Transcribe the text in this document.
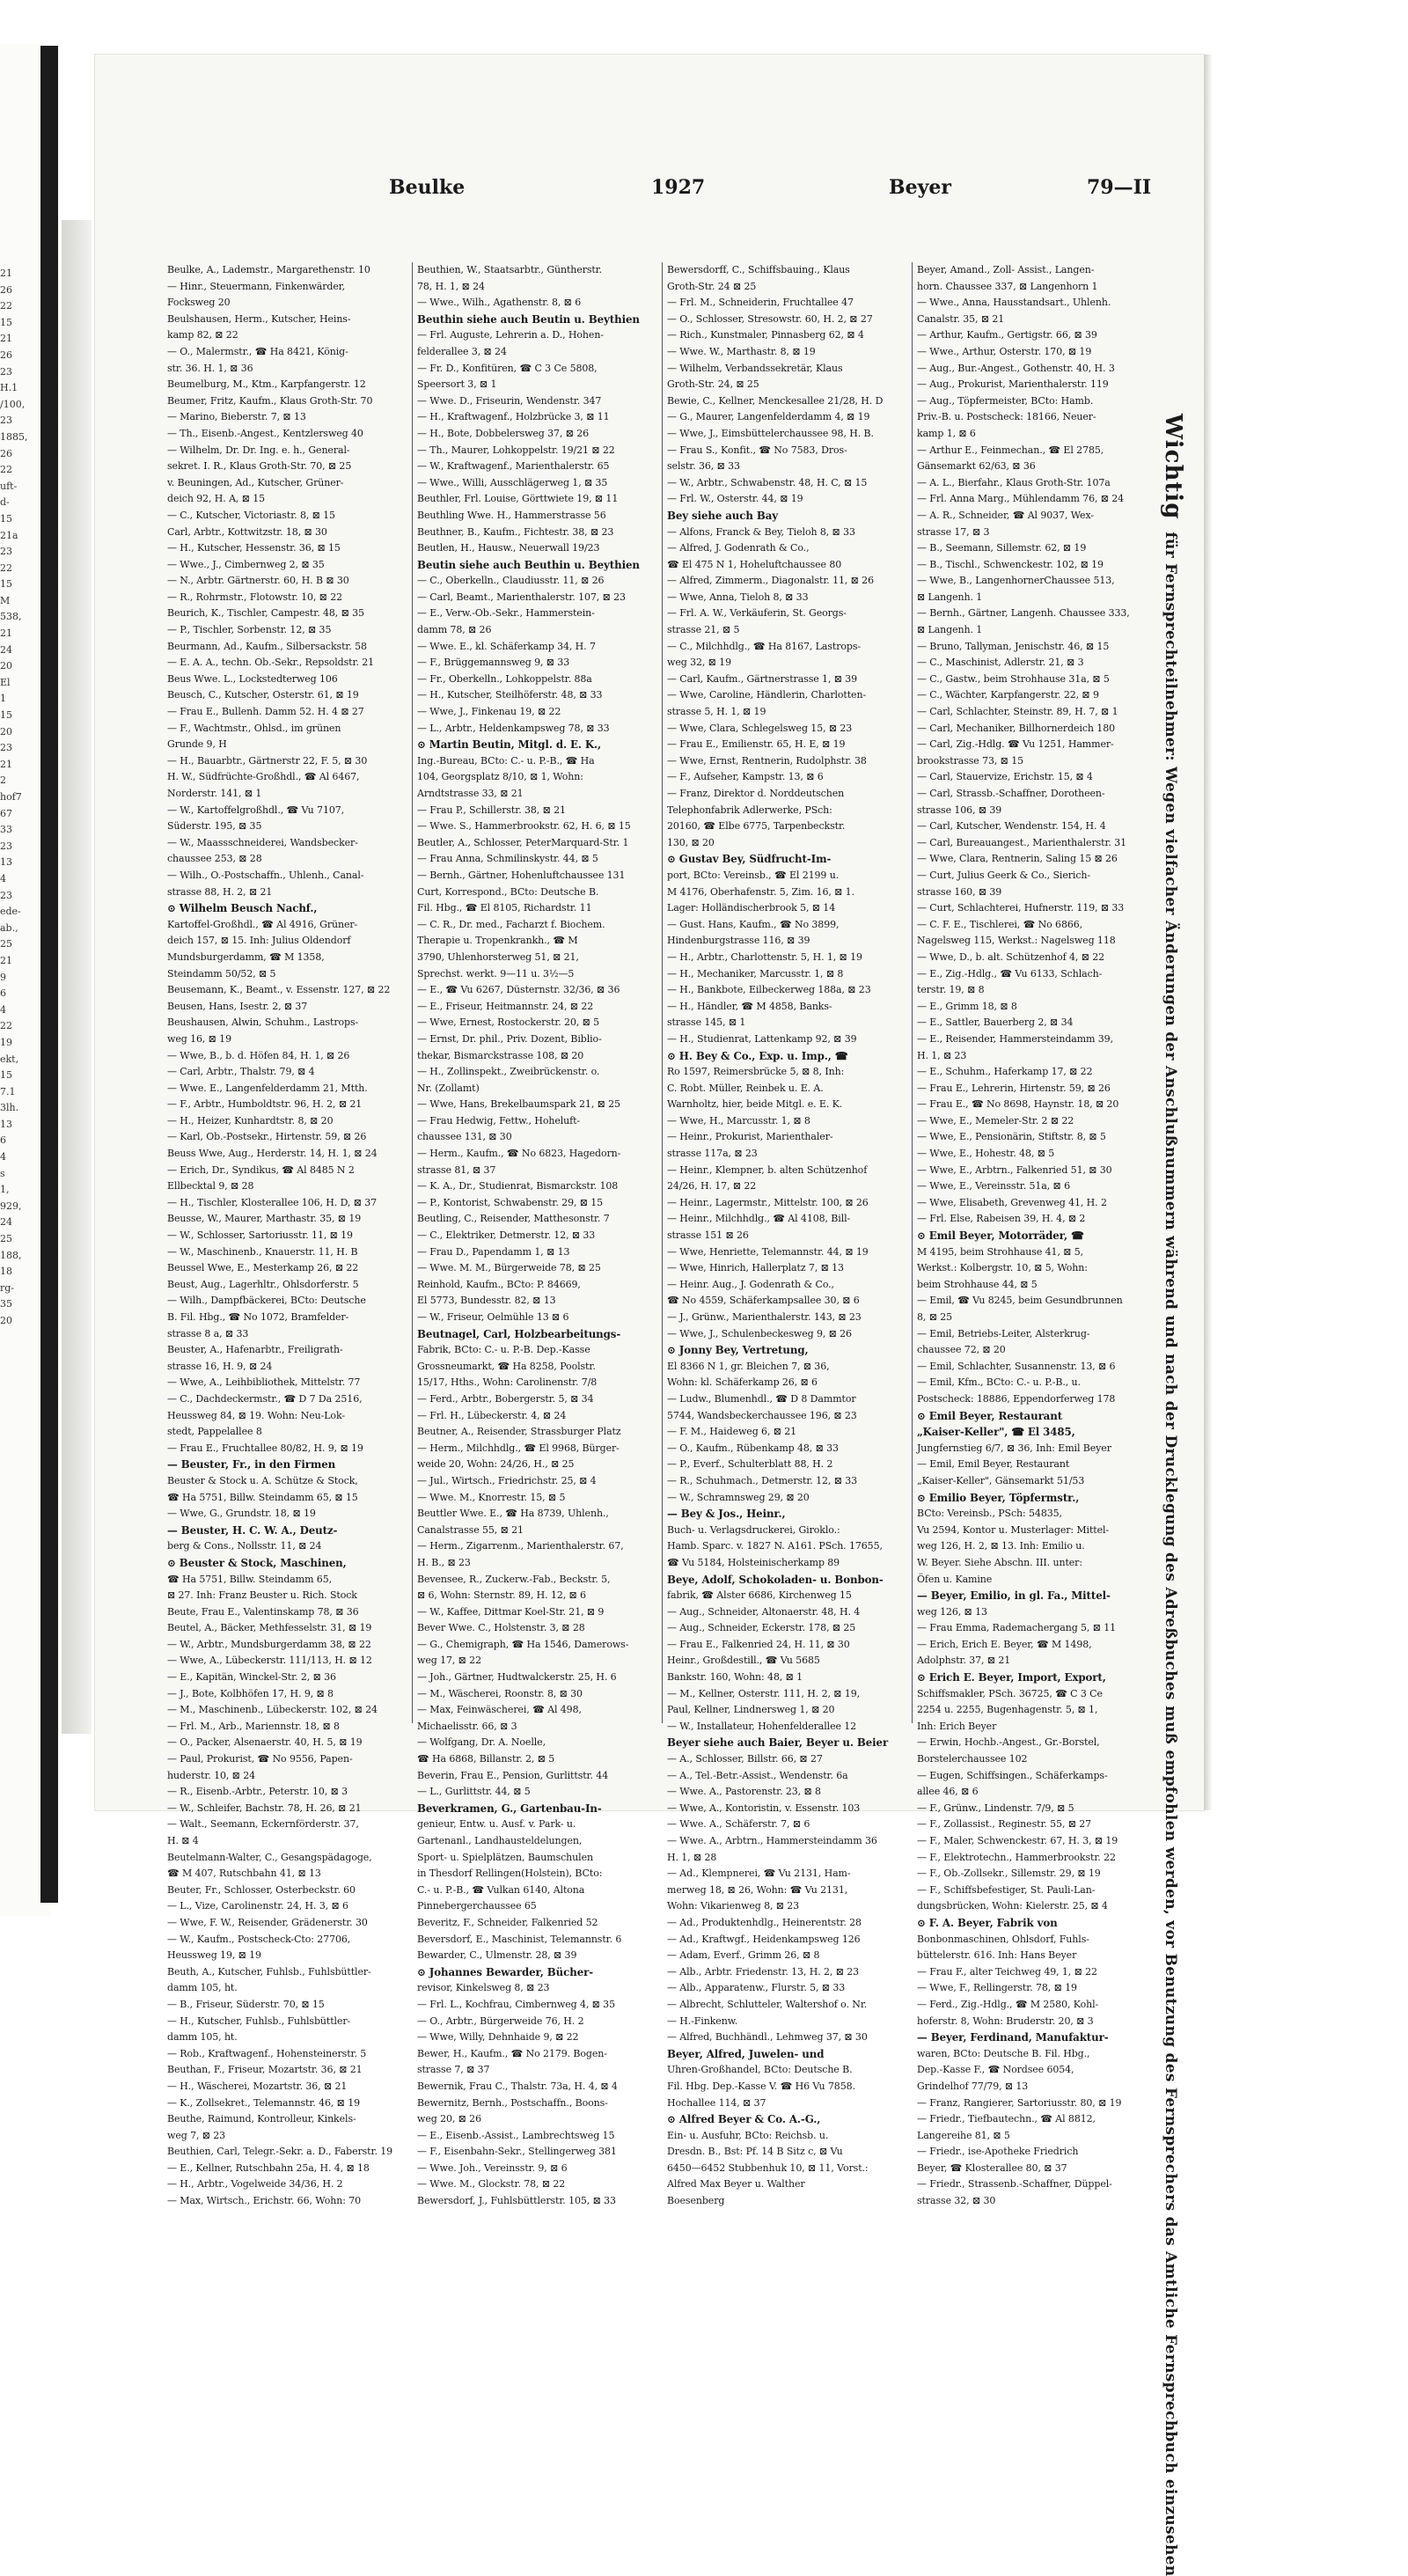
21
26
22
15
21
26
23
H.1
/100,
23
1885,
26
22
uft-
d-
15
21a
23
22
15
M
538,
21
24
20
El
1
15
20
23
21
2
hof7
67
33
23
13
4
23
ede-
ab.,
25
21
9
6
4
22
19
ekt,
15
7.1
3lh.
13
6
4
s
1,
929,
24
25
188,
18
rg-
35
20
Beulke	1927	Beyer	79—II
Beulke, A., Lademstr., Margarethenstr. 10
— Hinr., Steuermann, Finkenwärder,
Focksweg 20
Beulshausen, Herm., Kutscher, Heins-
kamp 82, ⊠ 22
— O., Malermstr., ☎ Ha 8421, König-
str. 36. H. 1, ⊠ 36
Beumelburg, M., Ktm., Karpfangerstr. 12
Beumer, Fritz, Kaufm., Klaus Groth-Str. 70
— Marino, Bieberstr. 7, ⊠ 13
— Th., Eisenb.-Angest., Kentzlersweg 40
— Wilhelm, Dr. Dr. Ing. e. h., General-
sekret. I. R., Klaus Groth-Str. 70, ⊠ 25
v. Beuningen, Ad., Kutscher, Grüner-
deich 92, H. A, ⊠ 15
— C., Kutscher, Victoriastr. 8, ⊠ 15
Carl, Arbtr., Kottwitzstr. 18, ⊠ 30
— H., Kutscher, Hessenstr. 36, ⊠ 15
— Wwe., J., Cimbernweg 2, ⊠ 35
— N., Arbtr. Gärtnerstr. 60, H. B ⊠ 30
— R., Rohrmstr., Flotowstr. 10, ⊠ 22
Beurich, K., Tischler, Campestr. 48, ⊠ 35
— P., Tischler, Sorbenstr. 12, ⊠ 35
Beurmann, Ad., Kaufm., Silbersackstr. 58
— E. A. A., techn. Ob.-Sekr., Repsoldstr. 21
Beus Wwe. L., Lockstedterweg 106
Beusch, C., Kutscher, Osterstr. 61, ⊠ 19
— Frau E., Bullenh. Damm 52. H. 4 ⊠ 27
— F., Wachtmstr., Ohlsd., im grünen
Grunde 9, H
— H., Bauarbtr., Gärtnerstr 22, F. 5, ⊠ 30
H. W., Südfrüchte-Großhdl., ☎ Al 6467,
Norderstr. 141, ⊠ 1
— W., Kartoffelgroßhdl., ☎ Vu 7107,
Süderstr. 195, ⊠ 35
— W., Maassschneiderei, Wandsbecker-
chaussee 253, ⊠ 28
— Wilh., O.-Postschaffn., Uhlenh., Canal-
strasse 88, H. 2, ⊠ 21
⊙ Wilhelm Beusch Nachf.,
Kartoffel-Großhdl., ☎ Al 4916, Grüner-
deich 157, ⊠ 15. Inh: Julius Oldendorf
Mundsburgerdamm, ☎ M 1358,
Steindamm 50/52, ⊠ 5
Beusemann, K., Beamt., v. Essenstr. 127, ⊠ 22
Beusen, Hans, Isestr. 2, ⊠ 37
Beushausen, Alwin, Schuhm., Lastrops-
weg 16, ⊠ 19
— Wwe, B., b. d. Höfen 84, H. 1, ⊠ 26
— Carl, Arbtr., Thalstr. 79, ⊠ 4
— Wwe. E., Langenfelderdamm 21, Mtth.
— F., Arbtr., Humboldtstr. 96, H. 2, ⊠ 21
— H., Heizer, Kunhardtstr. 8, ⊠ 20
— Karl, Ob.-Postsekr., Hirtenstr. 59, ⊠ 26
Beuss Wwe, Aug., Herderstr. 14, H. 1, ⊠ 24
— Erich, Dr., Syndikus, ☎ Al 8485 N 2
Ellbecktal 9, ⊠ 28
— H., Tischler, Klosterallee 106, H. D, ⊠ 37
Beusse, W., Maurer, Marthastr. 35, ⊠ 19
— W., Schlosser, Sartoriusstr. 11, ⊠ 19
— W., Maschinenb., Knauerstr. 11, H. B
Beussel Wwe, E., Mesterkamp 26, ⊠ 22
Beust, Aug., Lagerhltr., Ohlsdorferstr. 5
— Wilh., Dampfbäckerei, BCto: Deutsche
B. Fil. Hbg., ☎ No 1072, Bramfelder-
strasse 8 a, ⊠ 33
Beuster, A., Hafenarbtr., Freiligrath-
strasse 16, H. 9, ⊠ 24
— Wwe, A., Leihbibliothek, Mittelstr. 77
— C., Dachdeckermstr., ☎ D 7 Da 2516,
Heussweg 84, ⊠ 19. Wohn: Neu-Lok-
stedt, Pappelallee 8
— Frau E., Fruchtallee 80/82, H. 9, ⊠ 19
— Beuster, Fr., in den Firmen
Beuster & Stock u. A. Schütze & Stock,
☎ Ha 5751, Billw. Steindamm 65, ⊠ 15
— Wwe, G., Grundstr. 18, ⊠ 19
— Beuster, H. C. W. A., Deutz-
berg & Cons., Nollsstr. 11, ⊠ 24
⊙ Beuster & Stock, Maschinen,
☎ Ha 5751, Billw. Steindamm 65,
⊠ 27. Inh: Franz Beuster u. Rich. Stock
Beute, Frau E., Valentinskamp 78, ⊠ 36
Beutel, A., Bäcker, Methfesselstr. 31, ⊠ 19
— W., Arbtr., Mundsburgerdamm 38, ⊠ 22
— Wwe, A., Lübeckerstr. 111/113, H. ⊠ 12
— E., Kapitän, Winckel-Str. 2, ⊠ 36
— J., Bote, Kolbhöfen 17, H. 9, ⊠ 8
— M., Maschinenb., Lübeckerstr. 102, ⊠ 24
— Frl. M., Arb., Mariennstr. 18, ⊠ 8
— O., Packer, Alsenaerstr. 40, H. 5, ⊠ 19
— Paul, Prokurist, ☎ No 9556, Papen-
huderstr. 10, ⊠ 24
— R., Eisenb.-Arbtr., Peterstr. 10, ⊠ 3
— W., Schleifer, Bachstr. 78, H. 26, ⊠ 21
— Walt., Seemann, Eckernförderstr. 37,
H. ⊠ 4
Beutelmann-Walter, C., Gesangspädagoge,
☎ M 407, Rutschbahn 41, ⊠ 13
Beuter, Fr., Schlosser, Osterbeckstr. 60
— L., Vize, Carolinenstr. 24, H. 3, ⊠ 6
— Wwe, F. W., Reisender, Grädenerstr. 30
— W., Kaufm., Postscheck-Cto: 27706,
Heussweg 19, ⊠ 19
Beuth, A., Kutscher, Fuhlsb., Fuhlsbüttler-
damm 105, ht.
— B., Friseur, Süderstr. 70, ⊠ 15
— H., Kutscher, Fuhlsb., Fuhlsbüttler-
damm 105, ht.
— Rob., Kraftwagenf., Hohensteinerstr. 5
Beuthan, F., Friseur, Mozartstr. 36, ⊠ 21
— H., Wäscherei, Mozartstr. 36, ⊠ 21
— K., Zollsekret., Telemannstr. 46, ⊠ 19
Beuthe, Raimund, Kontrolleur, Kinkels-
weg 7, ⊠ 23
Beuthien, Carl, Telegr.-Sekr. a. D., Faberstr. 19
— E., Kellner, Rutschbahn 25a, H. 4, ⊠ 18
— H., Arbtr., Vogelweide 34/36, H. 2
— Max, Wirtsch., Erichstr. 66, Wohn: 70
Beuthien, W., Staatsarbtr., Güntherstr.
78, H. 1, ⊠ 24
— Wwe., Wilh., Agathenstr. 8, ⊠ 6
Beuthin siehe auch Beutin u. Beythien
— Frl. Auguste, Lehrerin a. D., Hohen-
felderallee 3, ⊠ 24
— Fr. D., Konfitüren, ☎ C 3 Ce 5808,
Speersort 3, ⊠ 1
— Wwe. D., Friseurin, Wendenstr. 347
— H., Kraftwagenf., Holzbrücke 3, ⊠ 11
— H., Bote, Dobbelersweg 37, ⊠ 26
— Th., Maurer, Lohkoppelstr. 19/21 ⊠ 22
— W., Kraftwagenf., Marienthalerstr. 65
— Wwe., Willi, Ausschlägerweg 1, ⊠ 35
Beuthler, Frl. Louise, Görttwiete 19, ⊠ 11
Beuthling Wwe. H., Hammerstrasse 56
Beuthner, B., Kaufm., Fichtestr. 38, ⊠ 23
Beutlen, H., Hausw., Neuerwall 19/23
Beutin siehe auch Beuthin u. Beythien
— C., Oberkelln., Claudiusstr. 11, ⊠ 26
— Carl, Beamt., Marienthalerstr. 107, ⊠ 23
— E., Verw.-Ob.-Sekr., Hammerstein-
damm 78, ⊠ 26
— Wwe. E., kl. Schäferkamp 34, H. 7
— F., Brüggemannsweg 9, ⊠ 33
— Fr., Oberkelln., Lohkoppelstr. 88a
— H., Kutscher, Steilhöferstr. 48, ⊠ 33
— Wwe, J., Finkenau 19, ⊠ 22
— L., Arbtr., Heldenkampsweg 78, ⊠ 33
⊙ Martin Beutin, Mitgl. d. E. K.,
Ing.-Bureau, BCto: C.- u. P.-B., ☎ Ha
104, Georgsplatz 8/10, ⊠ 1, Wohn:
Arndtstrasse 33, ⊠ 21
— Frau P., Schillerstr. 38, ⊠ 21
— Wwe. S., Hammerbrookstr. 62, H. 6, ⊠ 15
Beutler, A., Schlosser, PeterMarquard-Str. 1
— Frau Anna, Schmilinskystr. 44, ⊠ 5
— Bernh., Gärtner, Hohenluftchaussee 131
Curt, Korrespond., BCto: Deutsche B.
Fil. Hbg., ☎ El 8105, Richardstr. 11
— C. R., Dr. med., Facharzt f. Biochem.
Therapie u. Tropenkrankh., ☎ M
3790, Uhlenhorsterweg 51, ⊠ 21,
Sprechst. werkt. 9—11 u. 3½—5
— E., ☎ Vu 6267, Düsternstr. 32/36, ⊠ 36
— E., Friseur, Heitmannstr. 24, ⊠ 22
— Wwe, Ernest, Rostockerstr. 20, ⊠ 5
— Ernst, Dr. phil., Priv. Dozent, Biblio-
thekar, Bismarckstrasse 108, ⊠ 20
— H., Zollinspekt., Zweibrückenstr. o.
Nr. (Zollamt)
— Wwe, Hans, Brekelbaumspark 21, ⊠ 25
— Frau Hedwig, Fettw., Hoheluft-
chaussee 131, ⊠ 30
— Herm., Kaufm., ☎ No 6823, Hagedorn-
strasse 81, ⊠ 37
— K. A., Dr., Studienrat, Bismarckstr. 108
— P., Kontorist, Schwabenstr. 29, ⊠ 15
Beutling, C., Reisender, Matthesonstr. 7
— C., Elektriker, Detmerstr. 12, ⊠ 33
— Frau D., Papendamm 1, ⊠ 13
— Wwe. M. M., Bürgerweide 78, ⊠ 25
Reinhold, Kaufm., BCto: P. 84669,
El 5773, Bundesstr. 82, ⊠ 13
— W., Friseur, Oelmühle 13 ⊠ 6
Beutnagel, Carl, Holzbearbeitungs-
Fabrik, BCto: C.- u. P.-B. Dep.-Kasse
Grossneumarkt, ☎ Ha 8258, Poolstr.
15/17, Hths., Wohn: Carolinenstr. 7/8
— Ferd., Arbtr., Bobergerstr. 5, ⊠ 34
— Frl. H., Lübeckerstr. 4, ⊠ 24
Beutner, A., Reisender, Strassburger Platz
— Herm., Milchhdlg., ☎ El 9968, Bürger-
weide 20, Wohn: 24/26, H., ⊠ 25
— Jul., Wirtsch., Friedrichstr. 25, ⊠ 4
— Wwe. M., Knorrestr. 15, ⊠ 5
Beuttler Wwe. E., ☎ Ha 8739, Uhlenh.,
Canalstrasse 55, ⊠ 21
— Herm., Zigarrenm., Marienthalerstr. 67,
H. B., ⊠ 23
Bevensee, R., Zuckerw.-Fab., Beckstr. 5,
⊠ 6, Wohn: Sternstr. 89, H. 12, ⊠ 6
— W., Kaffee, Dittmar Koel-Str. 21, ⊠ 9
Bever Wwe. C., Holstenstr. 3, ⊠ 28
— G., Chemigraph, ☎ Ha 1546, Damerows-
weg 17, ⊠ 22
— Joh., Gärtner, Hudtwalckerstr. 25, H. 6
— M., Wäscherei, Roonstr. 8, ⊠ 30
— Max, Feinwäscherei, ☎ Al 498,
Michaelisstr. 66, ⊠ 3
— Wolfgang, Dr. A. Noelle,
☎ Ha 6868, Billanstr. 2, ⊠ 5
Beverin, Frau E., Pension, Gurlittstr. 44
— L., Gurlittstr. 44, ⊠ 5
Beverkramen, G., Gartenbau-In-
genieur, Entw. u. Ausf. v. Park- u.
Gartenanl., Landhausteldelungen,
Sport- u. Spielplätzen, Baumschulen
in Thesdorf Rellingen(Holstein), BCto:
C.- u. P.-B., ☎ Vulkan 6140, Altona
Pinnebergerchaussee 65
Beveritz, F., Schneider, Falkenried 52
Beversdorf, E., Maschinist, Telemannstr. 6
Bewarder, C., Ulmenstr. 28, ⊠ 39
⊙ Johannes Bewarder, Bücher-
revisor, Kinkelsweg 8, ⊠ 23
— Frl. L., Kochfrau, Cimbernweg 4, ⊠ 35
— O., Arbtr., Bürgerweide 76, H. 2
— Wwe, Willy, Dehnhaide 9, ⊠ 22
Bewer, H., Kaufm., ☎ No 2179. Bogen-
strasse 7, ⊠ 37
Bewernik, Frau C., Thalstr. 73a, H. 4, ⊠ 4
Bewernitz, Bernh., Postschaffn., Boons-
weg 20, ⊠ 26
— E., Eisenb.-Assist., Lambrechtsweg 15
— F., Eisenbahn-Sekr., Stellingerweg 381
— Wwe. Joh., Vereinsstr. 9, ⊠ 6
— Wwe. M., Glockstr. 78, ⊠ 22
Bewersdorf, J., Fuhlsbüttlerstr. 105, ⊠ 33
Bewersdorff, C., Schiffsbauing., Klaus
Groth-Str. 24 ⊠ 25
— Frl. M., Schneiderin, Fruchtallee 47
— O., Schlosser, Stresowstr. 60, H. 2, ⊠ 27
— Rich., Kunstmaler, Pinnasberg 62, ⊠ 4
— Wwe. W., Marthastr. 8, ⊠ 19
— Wilhelm, Verbandssekretär, Klaus
Groth-Str. 24, ⊠ 25
Bewie, C., Kellner, Menckesallee 21/28, H. D
— G., Maurer, Langenfelderdamm 4, ⊠ 19
— Wwe, J., Eimsbüttelerchaussee 98, H. B.
— Frau S., Konfit., ☎ No 7583, Dros-
selstr. 36, ⊠ 33
— W., Arbtr., Schwabenstr. 48, H. C, ⊠ 15
— Frl. W., Osterstr. 44, ⊠ 19
Bey siehe auch Bay
— Alfons, Franck & Bey, Tieloh 8, ⊠ 33
— Alfred, J. Godenrath & Co.,
☎ El 475 N 1, Hoheluftchaussee 80
— Alfred, Zimmerm., Diagonalstr. 11, ⊠ 26
— Wwe, Anna, Tieloh 8, ⊠ 33
— Frl. A. W., Verkäuferin, St. Georgs-
strasse 21, ⊠ 5
— C., Milchhdlg., ☎ Ha 8167, Lastrops-
weg 32, ⊠ 19
— Carl, Kaufm., Gärtnerstrasse 1, ⊠ 39
— Wwe, Caroline, Händlerin, Charlotten-
strasse 5, H. 1, ⊠ 19
— Wwe, Clara, Schlegelsweg 15, ⊠ 23
— Frau E., Emilienstr. 65, H. E, ⊠ 19
— Wwe, Ernst, Rentnerin, Rudolphstr. 38
— F., Aufseher, Kampstr. 13, ⊠ 6
— Franz, Direktor d. Norddeutschen
Telephonfabrik Adlerwerke, PSch:
20160, ☎ Elbe 6775, Tarpenbeckstr.
130, ⊠ 20
⊙ Gustav Bey, Südfrucht-Im-
port, BCto: Vereinsb., ☎ El 2199 u.
M 4176, Oberhafenstr. 5, Zim. 16, ⊠ 1.
Lager: Holländischerbrook 5, ⊠ 14
— Gust. Hans, Kaufm., ☎ No 3899,
Hindenburgstrasse 116, ⊠ 39
— H., Arbtr., Charlottenstr. 5, H. 1, ⊠ 19
— H., Mechaniker, Marcusstr. 1, ⊠ 8
— H., Bankbote, Eilbeckerweg 188a, ⊠ 23
— H., Händler, ☎ M 4858, Banks-
strasse 145, ⊠ 1
— H., Studienrat, Lattenkamp 92, ⊠ 39
⊙ H. Bey & Co., Exp. u. Imp., ☎
Ro 1597, Reimersbrücke 5, ⊠ 8, Inh:
C. Robt. Müller, Reinbek u. E. A.
Warnholtz, hier, beide Mitgl. e. E. K.
— Wwe, H., Marcusstr. 1, ⊠ 8
— Heinr., Prokurist, Marienthaler-
strasse 117a, ⊠ 23
— Heinr., Klempner, b. alten Schützenhof
24/26, H. 17, ⊠ 22
— Heinr., Lagermstr., Mittelstr. 100, ⊠ 26
— Heinr., Milchhdlg., ☎ Al 4108, Bill-
strasse 151 ⊠ 26
— Wwe, Henriette, Telemannstr. 44, ⊠ 19
— Wwe, Hinrich, Hallerplatz 7, ⊠ 13
— Heinr. Aug., J. Godenrath & Co.,
☎ No 4559, Schäferkampsallee 30, ⊠ 6
— J., Grünw., Marienthalerstr. 143, ⊠ 23
— Wwe, J., Schulenbeckesweg 9, ⊠ 26
⊙ Jonny Bey, Vertretung,
El 8366 N 1, gr. Bleichen 7, ⊠ 36,
Wohn: kl. Schäferkamp 26, ⊠ 6
— Ludw., Blumenhdl., ☎ D 8 Dammtor
5744, Wandsbeckerchaussee 196, ⊠ 23
— F. M., Haideweg 6, ⊠ 21
— O., Kaufm., Rübenkamp 48, ⊠ 33
— P., Everf., Schulterblatt 88, H. 2
— R., Schuhmach., Detmerstr. 12, ⊠ 33
— W., Schramnsweg 29, ⊠ 20
— Bey & Jos., Heinr.,
Buch- u. Verlagsdruckerei, Giroklo.:
Hamb. Sparc. v. 1827 N. A161. PSch. 17655,
☎ Vu 5184, Holsteinischerkamp 89
Beye, Adolf, Schokoladen- u. Bonbon-
fabrik, ☎ Alster 6686, Kirchenweg 15
— Aug., Schneider, Altonaerstr. 48, H. 4
— Aug., Schneider, Eckerstr. 178, ⊠ 25
— Frau E., Falkenried 24, H. 11, ⊠ 30
Heinr., Großdestill., ☎ Vu 5685
Bankstr. 160, Wohn: 48, ⊠ 1
— M., Kellner, Osterstr. 111, H. 2, ⊠ 19,
Paul, Kellner, Lindnersweg 1, ⊠ 20
— W., Installateur, Hohenfelderallee 12
Beyer siehe auch Baier, Beyer u. Beier
— A., Schlosser, Billstr. 66, ⊠ 27
— A., Tel.-Betr.-Assist., Wendenstr. 6a
— Wwe. A., Pastorenstr. 23, ⊠ 8
— Wwe, A., Kontoristin, v. Essenstr. 103
— Wwe. A., Schäferstr. 7, ⊠ 6
— Wwe. A., Arbtrn., Hammersteindamm 36
H. 1, ⊠ 28
— Ad., Klempnerei, ☎ Vu 2131, Ham-
merweg 18, ⊠ 26, Wohn: ☎ Vu 2131,
Wohn: Vikarienweg 8, ⊠ 23
— Ad., Produktenhdlg., Heinerentstr. 28
— Ad., Kraftwgf., Heidenkampsweg 126
— Adam, Everf., Grimm 26, ⊠ 8
— Alb., Arbtr. Friedenstr. 13, H. 2, ⊠ 23
— Alb., Apparatenw., Flurstr. 5, ⊠ 33
— Albrecht, Schlutteler, Waltershof o. Nr.
— H.-Finkenw.
— Alfred, Buchhändl., Lehmweg 37, ⊠ 30
Beyer, Alfred, Juwelen- und
Uhren-Großhandel, BCto: Deutsche B.
Fil. Hbg. Dep.-Kasse V. ☎ H6 Vu 7858.
Hochallee 114, ⊠ 37
⊙ Alfred Beyer & Co. A.-G.,
Ein- u. Ausfuhr, BCto: Reichsb. u.
Dresdn. B., Bst: Pf. 14 B Sitz c, ⊠ Vu
6450—6452 Stubbenhuk 10, ⊠ 11, Vorst.:
Alfred Max Beyer u. Walther
Boesenberg
Beyer, Amand., Zoll- Assist., Langen-
horn. Chaussee 337, ⊠ Langenhorn 1
— Wwe., Anna, Hausstandsart., Uhlenh.
Canalstr. 35, ⊠ 21
— Arthur, Kaufm., Gertigstr. 66, ⊠ 39
— Wwe., Arthur, Osterstr. 170, ⊠ 19
— Aug., Bur.-Angest., Gothenstr. 40, H. 3
— Aug., Prokurist, Marienthalerstr. 119
— Aug., Töpfermeister, BCto: Hamb.
Priv.-B. u. Postscheck: 18166, Neuer-
kamp 1, ⊠ 6
— Arthur E., Feinmechan., ☎ El 2785,
Gänsemarkt 62/63, ⊠ 36
— A. L., Bierfahr., Klaus Groth-Str. 107a
— Frl. Anna Marg., Mühlendamm 76, ⊠ 24
— A. R., Schneider, ☎ Al 9037, Wex-
strasse 17, ⊠ 3
— B., Seemann, Sillemstr. 62, ⊠ 19
— B., Tischl., Schwenckestr. 102, ⊠ 19
— Wwe, B., LangenhornerChaussee 513,
⊠ Langenh. 1
— Bernh., Gärtner, Langenh. Chaussee 333,
⊠ Langenh. 1
— Bruno, Tallyman, Jenischstr. 46, ⊠ 15
— C., Maschinist, Adlerstr. 21, ⊠ 3
— C., Gastw., beim Strohhause 31a, ⊠ 5
— C., Wächter, Karpfangerstr. 22, ⊠ 9
— Carl, Schlachter, Steinstr. 89, H. 7, ⊠ 1
— Carl, Mechaniker, Billhornerdeich 180
— Carl, Zig.-Hdlg. ☎ Vu 1251, Hammer-
brookstrasse 73, ⊠ 15
— Carl, Stauervize, Erichstr. 15, ⊠ 4
— Carl, Strassb.-Schaffner, Dorotheen-
strasse 106, ⊠ 39
— Carl, Kutscher, Wendenstr. 154, H. 4
— Carl, Bureauangest., Marienthalerstr. 31
— Wwe, Clara, Rentnerin, Saling 15 ⊠ 26
— Curt, Julius Geerk & Co., Sierich-
strasse 160, ⊠ 39
— Curt, Schlachterei, Hufnerstr. 119, ⊠ 33
— C. F. E., Tischlerei, ☎ No 6866,
Nagelsweg 115, Werkst.: Nagelsweg 118
— Wwe, D., b. alt. Schützenhof 4, ⊠ 22
— E., Zig.-Hdlg., ☎ Vu 6133, Schlach-
terstr. 19, ⊠ 8
— E., Grimm 18, ⊠ 8
— E., Sattler, Bauerberg 2, ⊠ 34
— E., Reisender, Hammersteindamm 39,
H. 1, ⊠ 23
— E., Schuhm., Haferkamp 17, ⊠ 22
— Frau E., Lehrerin, Hirtenstr. 59, ⊠ 26
— Frau E., ☎ No 8698, Haynstr. 18, ⊠ 20
— Wwe, E., Memeler-Str. 2 ⊠ 22
— Wwe, E., Pensionärin, Stiftstr. 8, ⊠ 5
— Wwe, E., Hohestr. 48, ⊠ 5
— Wwe, E., Arbtrn., Falkenried 51, ⊠ 30
— Wwe, E., Vereinsstr. 51a, ⊠ 6
— Wwe, Elisabeth, Grevenweg 41, H. 2
— Frl. Else, Rabeisen 39, H. 4, ⊠ 2
⊙ Emil Beyer, Motorräder, ☎
M 4195, beim Strohhause 41, ⊠ 5,
Werkst.: Kolbergstr. 10, ⊠ 5, Wohn:
beim Strohhause 44, ⊠ 5
— Emil, ☎ Vu 8245, beim Gesundbrunnen
8, ⊠ 25
— Emil, Betriebs-Leiter, Alsterkrug-
chaussee 72, ⊠ 20
— Emil, Schlachter, Susannenstr. 13, ⊠ 6
— Emil, Kfm., BCto: C.- u. P.-B., u.
Postscheck: 18886, Eppendorferweg 178
⊙ Emil Beyer, Restaurant
„Kaiser-Keller", ☎ El 3485,
Jungfernstieg 6/7, ⊠ 36, Inh: Emil Beyer
— Emil, Emil Beyer, Restaurant
„Kaiser-Keller", Gänsemarkt 51/53
⊙ Emilio Beyer, Töpfermstr.,
BCto: Vereinsb., PSch: 54835,
Vu 2594, Kontor u. Musterlager: Mittel-
weg 126, H. 2, ⊠ 13. Inh: Emilio u.
W. Beyer. Siehe Abschn. III. unter:
Öfen u. Kamine
— Beyer, Emilio, in gl. Fa., Mittel-
weg 126, ⊠ 13
— Frau Emma, Rademachergang 5, ⊠ 11
— Erich, Erich E. Beyer, ☎ M 1498,
Adolphstr. 37, ⊠ 21
⊙ Erich E. Beyer, Import, Export,
Schiffsmakler, PSch. 36725, ☎ C 3 Ce
2254 u. 2255, Bugenhagenstr. 5, ⊠ 1,
Inh: Erich Beyer
— Erwin, Hochb.-Angest., Gr.-Borstel,
Borstelerchaussee 102
— Eugen, Schiffsingen., Schäferkamps-
allee 46, ⊠ 6
— F., Grünw., Lindenstr. 7/9, ⊠ 5
— F., Zollassist., Reginestr. 55, ⊠ 27
— F., Maler, Schwenckestr. 67, H. 3, ⊠ 19
— F., Elektrotechn., Hammerbrookstr. 22
— F., Ob.-Zollsekr., Sillemstr. 29, ⊠ 19
— F., Schiffsbefestiger, St. Pauli-Lan-
dungsbrücken, Wohn: Kielerstr. 25, ⊠ 4
⊙ F. A. Beyer, Fabrik von
Bonbonmaschinen, Ohlsdorf, Fuhls-
büttelerstr. 616. Inh: Hans Beyer
— Frau F., alter Teichweg 49, 1, ⊠ 22
— Wwe, F., Rellingerstr. 78, ⊠ 19
— Ferd., Zig.-Hdlg., ☎ M 2580, Kohl-
hoferstr. 8, Wohn: Bruderstr. 20, ⊠ 3
— Beyer, Ferdinand, Manufaktur-
waren, BCto: Deutsche B. Fil. Hbg.,
Dep.-Kasse F., ☎ Nordsee 6054,
Grindelhof 77/79, ⊠ 13
— Franz, Rangierer, Sartoriusstr. 80, ⊠ 19
— Friedr., Tiefbautechn., ☎ Al 8812,
Langereihe 81, ⊠ 5
— Friedr., ise-Apotheke Friedrich
Beyer, ☎ Klosterallee 80, ⊠ 37
— Friedr., Strassenb.-Schaffner, Düppel-
strasse 32, ⊠ 30
Wichtigfür Fernsprechteilnehmer: Wegen vielfacher Änderungen der Anschlußnummern während und nach der Drucklegung des Adreßbuches muß empfohlen werden, vor Benutzung des Fernsprechers das Amtliche Fernsprechbuch einzusehen
